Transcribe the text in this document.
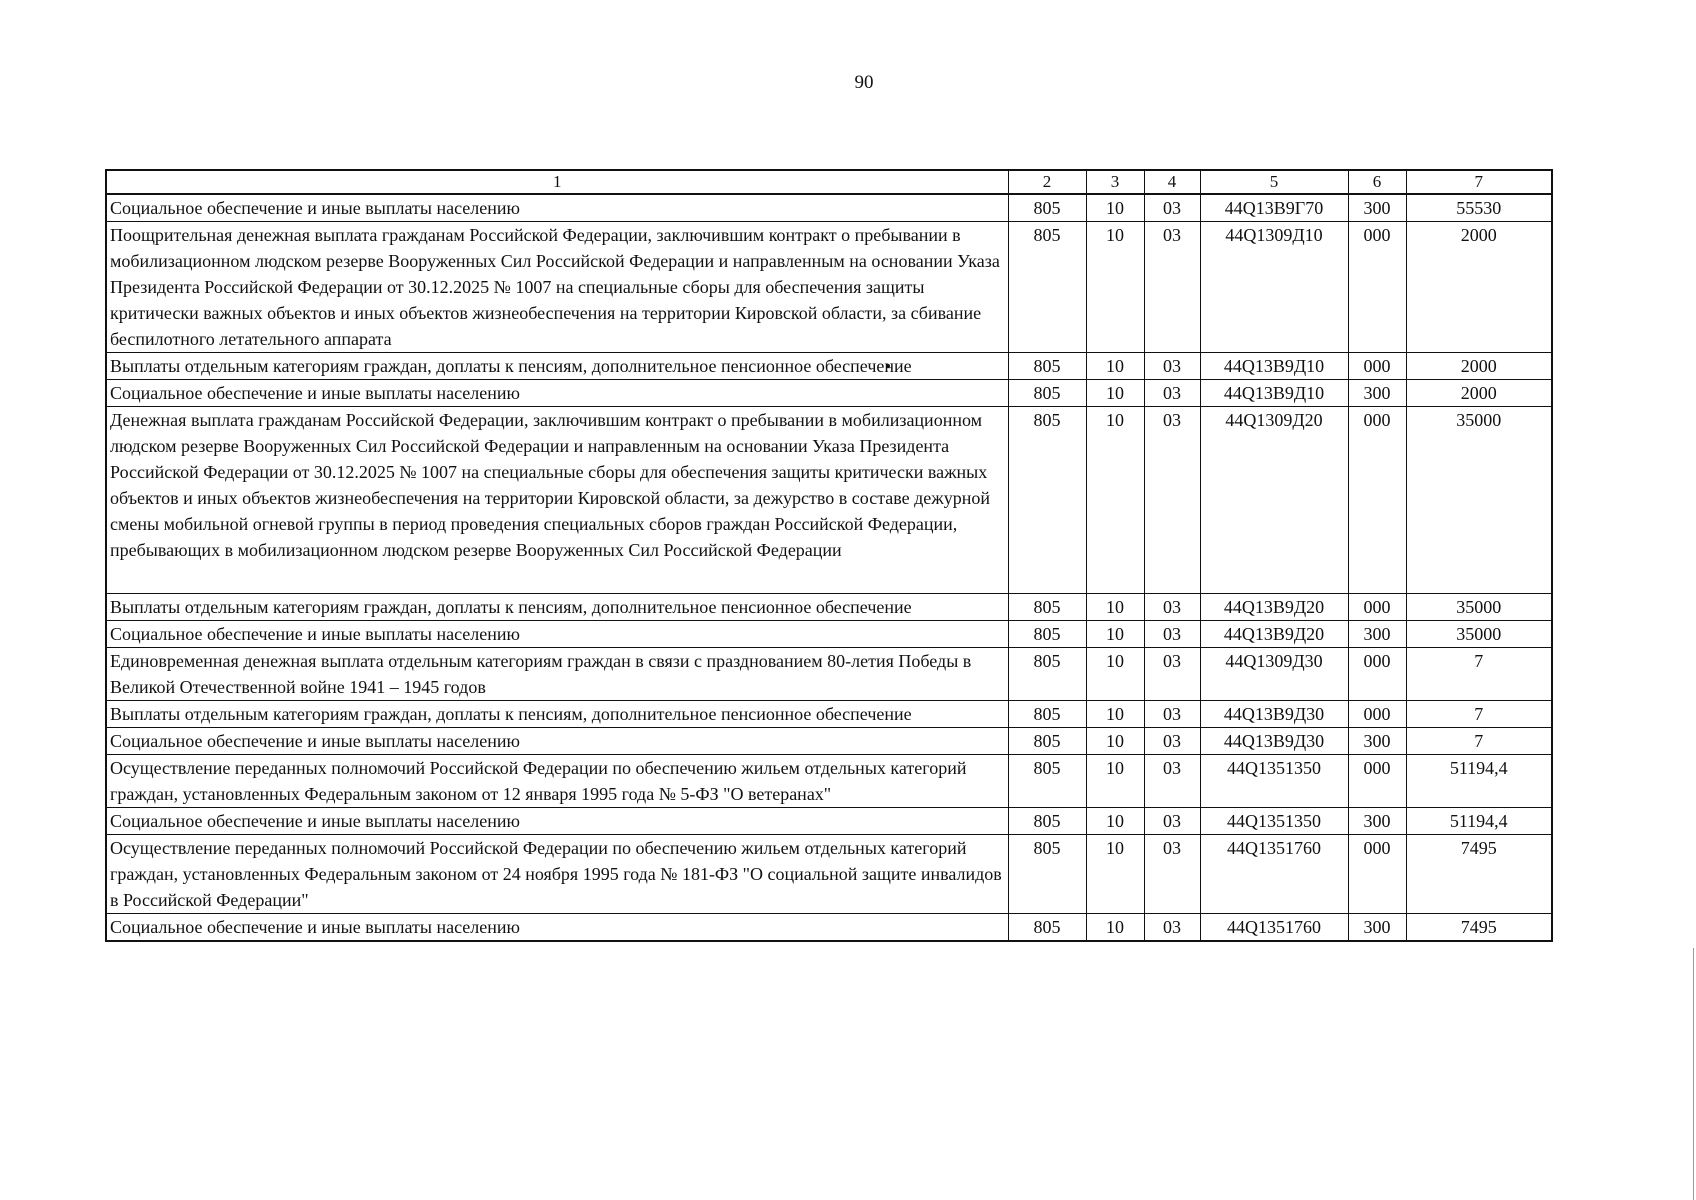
90
1	2	3	4	5	6	7
Социальное обеспечение и иные выплаты населению	805	10	03	44Q13B9Г70	300	55530
Поощрительная денежная выплата гражданам Российской Федерации, заключившим контракт о пребывании в мобилизационном людском резерве Вооруженных Сил Российской Федерации и направленным на основании Указа Президента Российской Федерации от 30.12.2025 № 1007 на специальные сборы для обеспечения защиты критически важных объектов и иных объектов жизнеобеспечения на территории Кировской области, за сбивание беспилотного летательного аппарата	805	10	03	44Q1309Д10	000	2000
Выплаты отдельным категориям граждан, доплаты к пенсиям, дополнительное пенсионное обеспечение	805	10	03	44Q13B9Д10	000	2000
Социальное обеспечение и иные выплаты населению	805	10	03	44Q13B9Д10	300	2000
Денежная выплата гражданам Российской Федерации, заключившим контракт о пребывании в мобилизационном людском резерве Вооруженных Сил Российской Федерации и направленным на основании Указа Президента Российской Федерации от 30.12.2025 № 1007 на специальные сборы для обеспечения защиты критически важных объектов и иных объектов жизнеобеспечения на территории Кировской области, за дежурство в составе дежурной смены мобильной огневой группы в период проведения специальных сборов граждан Российской Федерации, пребывающих в мобилизационном людском резерве Вооруженных Сил Российской Федерации	805	10	03	44Q1309Д20	000	35000
Выплаты отдельным категориям граждан, доплаты к пенсиям, дополнительное пенсионное обеспечение	805	10	03	44Q13B9Д20	000	35000
Социальное обеспечение и иные выплаты населению	805	10	03	44Q13B9Д20	300	35000
Единовременная денежная выплата отдельным категориям граждан в связи с празднованием 80-летия Победы в Великой Отечественной войне 1941 – 1945 годов	805	10	03	44Q1309Д30	000	7
Выплаты отдельным категориям граждан, доплаты к пенсиям, дополнительное пенсионное обеспечение	805	10	03	44Q13B9Д30	000	7
Социальное обеспечение и иные выплаты населению	805	10	03	44Q13B9Д30	300	7
Осуществление переданных полномочий Российской Федерации по обеспечению жильем отдельных категорий граждан, установленных Федеральным законом от 12 января 1995 года № 5-ФЗ "О ветеранах"	805	10	03	44Q1351350	000	51194,4
Социальное обеспечение и иные выплаты населению	805	10	03	44Q1351350	300	51194,4
Осуществление переданных полномочий Российской Федерации по обеспечению жильем отдельных категорий граждан, установленных Федеральным законом от 24 ноября 1995 года № 181-ФЗ "О социальной защите инвалидов в Российской Федерации"	805	10	03	44Q1351760	000	7495
Социальное обеспечение и иные выплаты населению	805	10	03	44Q1351760	300	7495
